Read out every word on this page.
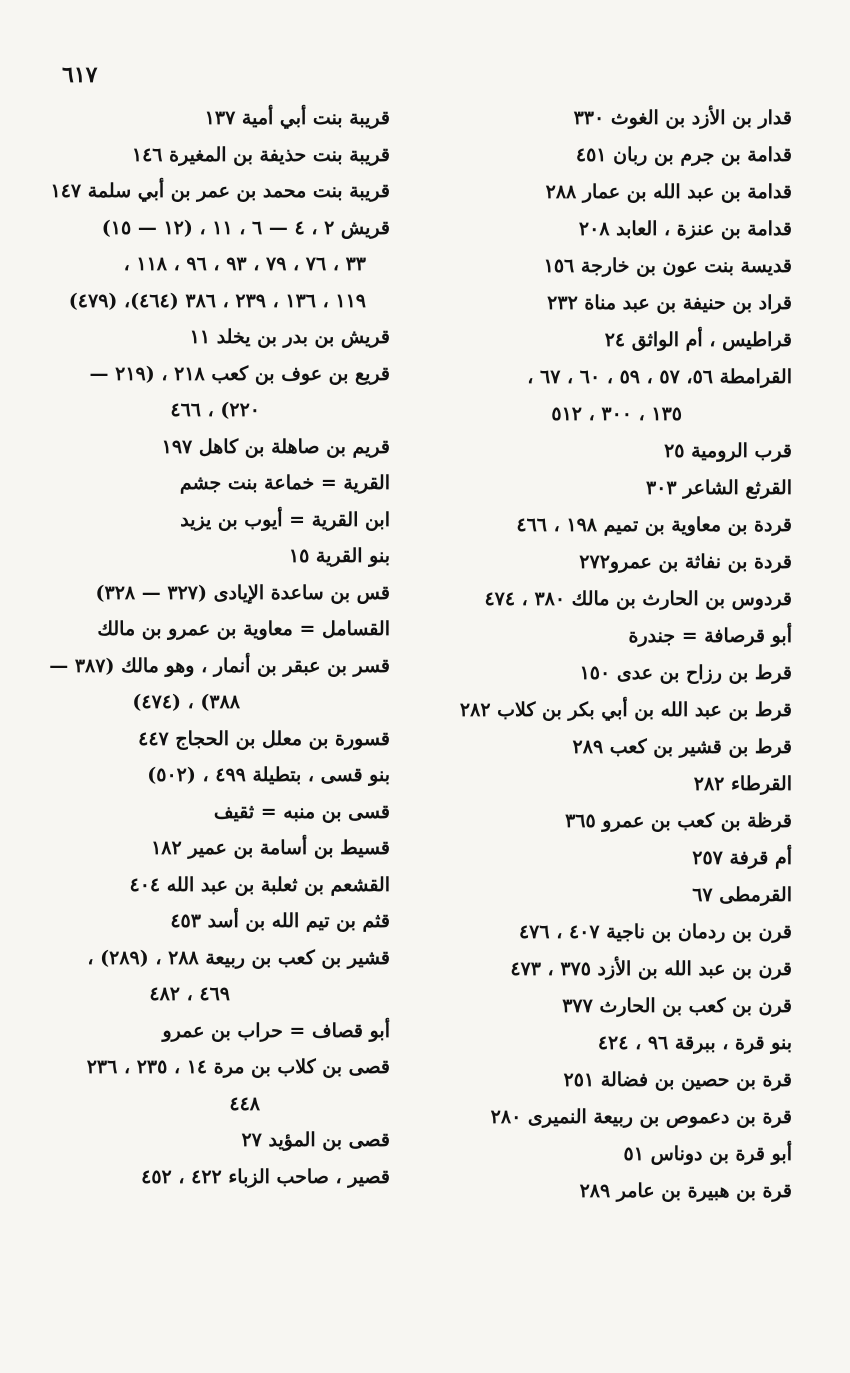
٦١٧
قدار بن الأزد بن الغوث ٣٣٠
قدامة بن جرم بن ربان ٤٥١
قدامة بن عبد الله بن عمار ٢٨٨
قدامة بن عنزة ، العابد ٢٠٨
قديسة بنت عون بن خارجة ١٥٦
قراد بن حنيفة بن عبد مناة ٢٣٢
قراطيس ، أم الواثق ٢٤
القرامطة ٥٦، ٥٧ ، ٥٩ ، ٦٠ ، ٦٧ ،
١٣٥ ، ٣٠٠ ، ٥١٢
قرب الرومية ٢٥
القرثع الشاعر ٣٠٣
قردة بن معاوية بن تميم ١٩٨ ، ٤٦٦
قردة بن نفاثة بن عمرو٢٧٢
قردوس بن الحارث بن مالك ٣٨٠ ، ٤٧٤
أبو قرصافة = جندرة
قرط بن رزاح بن عدى ١٥٠
قرط بن عبد الله بن أبي بكر بن كلاب ٢٨٢
قرط بن قشير بن كعب ٢٨٩
القرطاء ٢٨٢
قرظة بن كعب بن عمرو ٣٦٥
أم قرفة ٢٥٧
القرمطى ٦٧
قرن بن ردمان بن ناجية ٤٠٧ ، ٤٧٦
قرن بن عبد الله بن الأزد ٣٧٥ ، ٤٧٣
قرن بن كعب بن الحارث ٣٧٧
بنو قرة ، ببرقة ٩٦ ، ٤٢٤
قرة بن حصين بن فضالة ٢٥١
قرة بن دعموص بن ربيعة النميرى ٢٨٠
أبو قرة بن دوناس ٥١
قرة بن هبيرة بن عامر ٢٨٩
قريبة بنت أبي أمية ١٣٧
قريبة بنت حذيفة بن المغيرة ١٤٦
قريبة بنت محمد بن عمر بن أبي سلمة ١٤٧
قريش ٢ ، ٤ — ٦ ، ١١ ، (١٢ — ١٥)
٣٣ ، ٧٦ ، ٧٩ ، ٩٣ ، ٩٦ ، ١١٨ ،
١١٩ ، ١٣٦ ، ٢٣٩ ، ٣٨٦ (٤٦٤)، (٤٧٩)
قريش بن بدر بن يخلد ١١
قريع بن عوف بن كعب ٢١٨ ، (٢١٩ —
٢٢٠) ، ٤٦٦
قريم بن صاهلة بن كاهل ١٩٧
القرية = خماعة بنت جشم
ابن القرية = أيوب بن يزيد
بنو القرية ١٥
قس بن ساعدة الإيادى (٣٢٧ — ٣٢٨)
القسامل = معاوية بن عمرو بن مالك
قسر بن عبقر بن أنمار ، وهو مالك (٣٨٧ —
٣٨٨) ، (٤٧٤)
قسورة بن معلل بن الحجاج ٤٤٧
بنو قسى ، بتطيلة ٤٩٩ ، (٥٠٢)
قسى بن منبه = ثقيف
قسيط بن أسامة بن عمير ١٨٢
القشعم بن ثعلبة بن عبد الله ٤٠٤
قثم بن تيم الله بن أسد ٤٥٣
قشير بن كعب بن ربيعة ٢٨٨ ، (٢٨٩) ،
٤٦٩ ، ٤٨٢
أبو قصاف = حراب بن عمرو
قصى بن كلاب بن مرة ١٤ ، ٢٣٥ ، ٢٣٦
٤٤٨
قصى بن المؤيد ٢٧
قصير ، صاحب الزباء ٤٢٢ ، ٤٥٢
